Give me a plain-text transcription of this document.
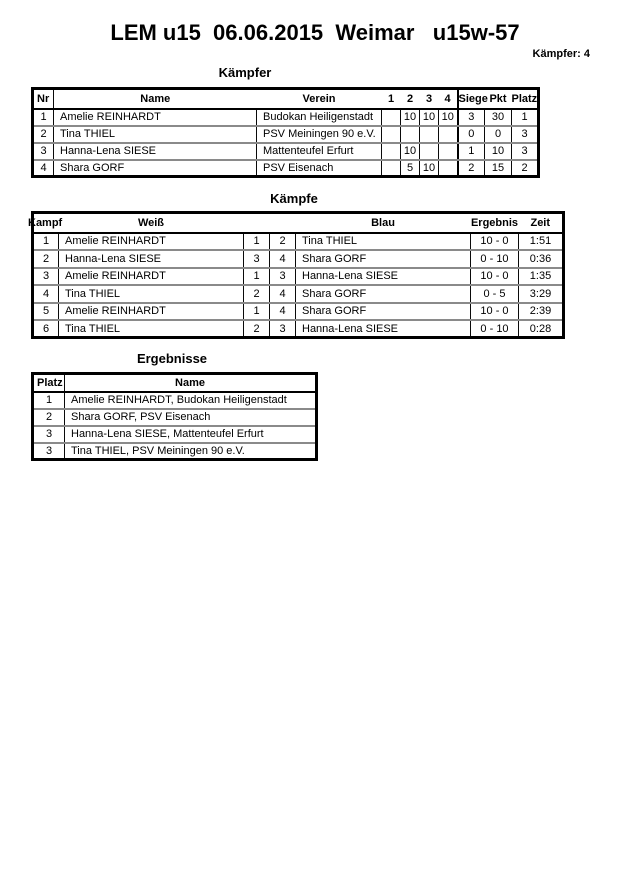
LEM u15  06.06.2015  Weimar   u15w-57
Kämpfer: 4
Kämpfer
Nr	Name	Verein	1	2	3	4	Siege	Pkt	Platz
1	Amelie REINHARDT	Budokan Heiligenstadt		10	10	10	3	30	1
2	Tina THIEL	PSV Meiningen 90 e.V.					0	0	3
3	Hanna-Lena SIESE	Mattenteufel Erfurt		10			1	10	3
4	Shara GORF	PSV Eisenach		5	10		2	15	2
Kämpfe
Kampf	Weiß			Blau	Ergebnis	Zeit
1	Amelie REINHARDT	1	2	Tina THIEL	10 - 0	1:51
2	Hanna-Lena SIESE	3	4	Shara GORF	0 - 10	0:36
3	Amelie REINHARDT	1	3	Hanna-Lena SIESE	10 - 0	1:35
4	Tina THIEL	2	4	Shara GORF	0 - 5	3:29
5	Amelie REINHARDT	1	4	Shara GORF	10 - 0	2:39
6	Tina THIEL	2	3	Hanna-Lena SIESE	0 - 10	0:28
Ergebnisse
Platz	Name
1	Amelie REINHARDT, Budokan Heiligenstadt
2	Shara GORF, PSV Eisenach
3	Hanna-Lena SIESE, Mattenteufel Erfurt
3	Tina THIEL, PSV Meiningen 90 e.V.
